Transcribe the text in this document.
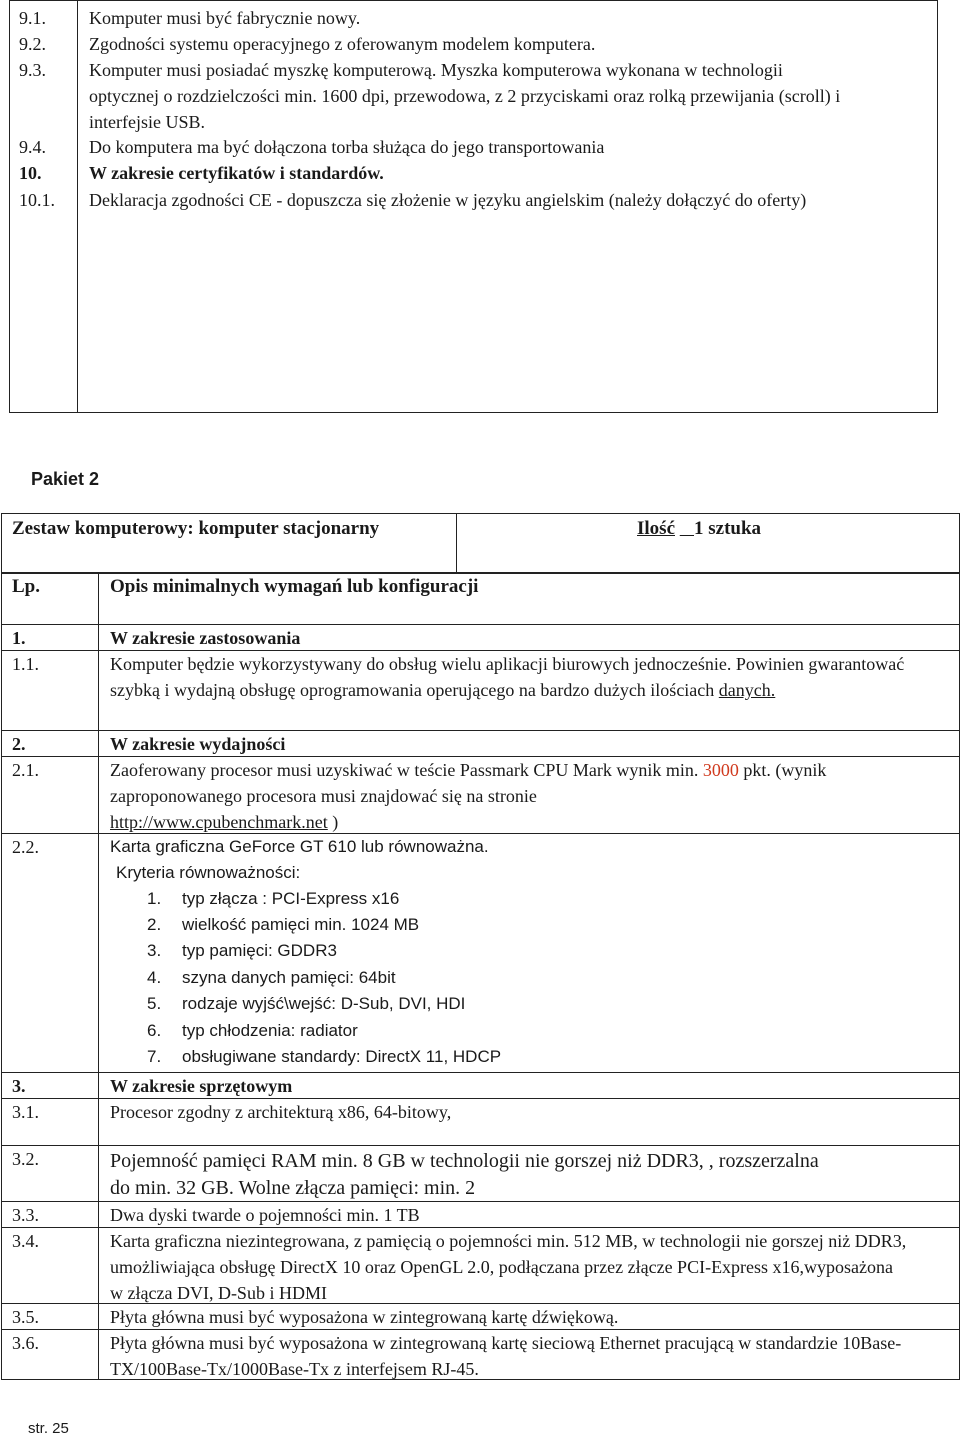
9.1. Komputer musi być fabrycznie nowy.
9.2. Zgodności systemu operacyjnego z oferowanym modelem komputera.
9.3. Komputer musi posiadać myszkę komputerową. Myszka komputerowa wykonana w technologii optycznej o rozdzielczości min. 1600 dpi, przewodowa, z 2 przyciskami oraz rolką przewijania (scroll) i interfejsie USB.
9.4. Do komputera ma być dołączona torba służąca do jego transportowania
10.	W zakresie certyfikatów i standardów.
10.1. Deklaracja zgodności CE - dopuszcza się złożenie w języku angielskim (należy dołączyć do oferty)
Pakiet 2
Zestaw komputerowy: komputer stacjonarny	Ilość 1 sztuka
Lp.	Opis minimalnych wymagań lub konfiguracji
1.	W zakresie zastosowania
1.1.	Komputer będzie wykorzystywany do obsług wielu aplikacji biurowych jednocześnie. Powinien gwarantować szybką i wydajną obsługę oprogramowania operującego na bardzo dużych ilościach danych.

2.	W zakresie wydajności
2.1.	Zaoferowany procesor musi uzyskiwać w teście Passmark CPU Mark wynik min. 3000 pkt. (wynik zaproponowanego procesora musi znajdować się na stronie
http://www.cpubenchmark.net )

2.2.	Karta graficzna GeForce GT 610 lub równoważna.
Kryteria równoważności:
1. typ złącza : PCI-Express x16
2. wielkość pamięci min. 1024 MB
3. typ pamięci: GDDR3
4. szyna danych pamięci: 64bit
5. rodzaje wyjść\wejść: D-Sub, DVI, HDI
6. typ chłodzenia: radiator
7. obsługiwane standardy: DirectX 11, HDCP
3.	W zakresie sprzętowym
3.1.	Procesor zgodny z architekturą x86, 64-bitowy,
3.2.	Pojemność pamięci RAM min. 8 GB w technologii nie gorszej niż DDR3, , rozszerzalna do min. 32 GB. Wolne złącza pamięci: min. 2
3.3.	Dwa dyski twarde o pojemności min. 1 TB
3.4.	Karta graficzna niezintegrowana, z pamięcią o pojemności min. 512 MB, w technologii nie gorszej niż DDR3, umożliwiająca obsługę DirectX 10 oraz OpenGL 2.0, podłączana przez złącze PCI-Express x16,wyposażona w złącza DVI, D-Sub i HDMI
3.5.	Płyta główna musi być wyposażona w zintegrowaną kartę dźwiękową.
3.6.	Płyta główna musi być wyposażona w zintegrowaną kartę sieciową Ethernet pracującą w standardzie 10Base-TX/100Base-Tx/1000Base-Tx z interfejsem RJ-45.
str. 25
